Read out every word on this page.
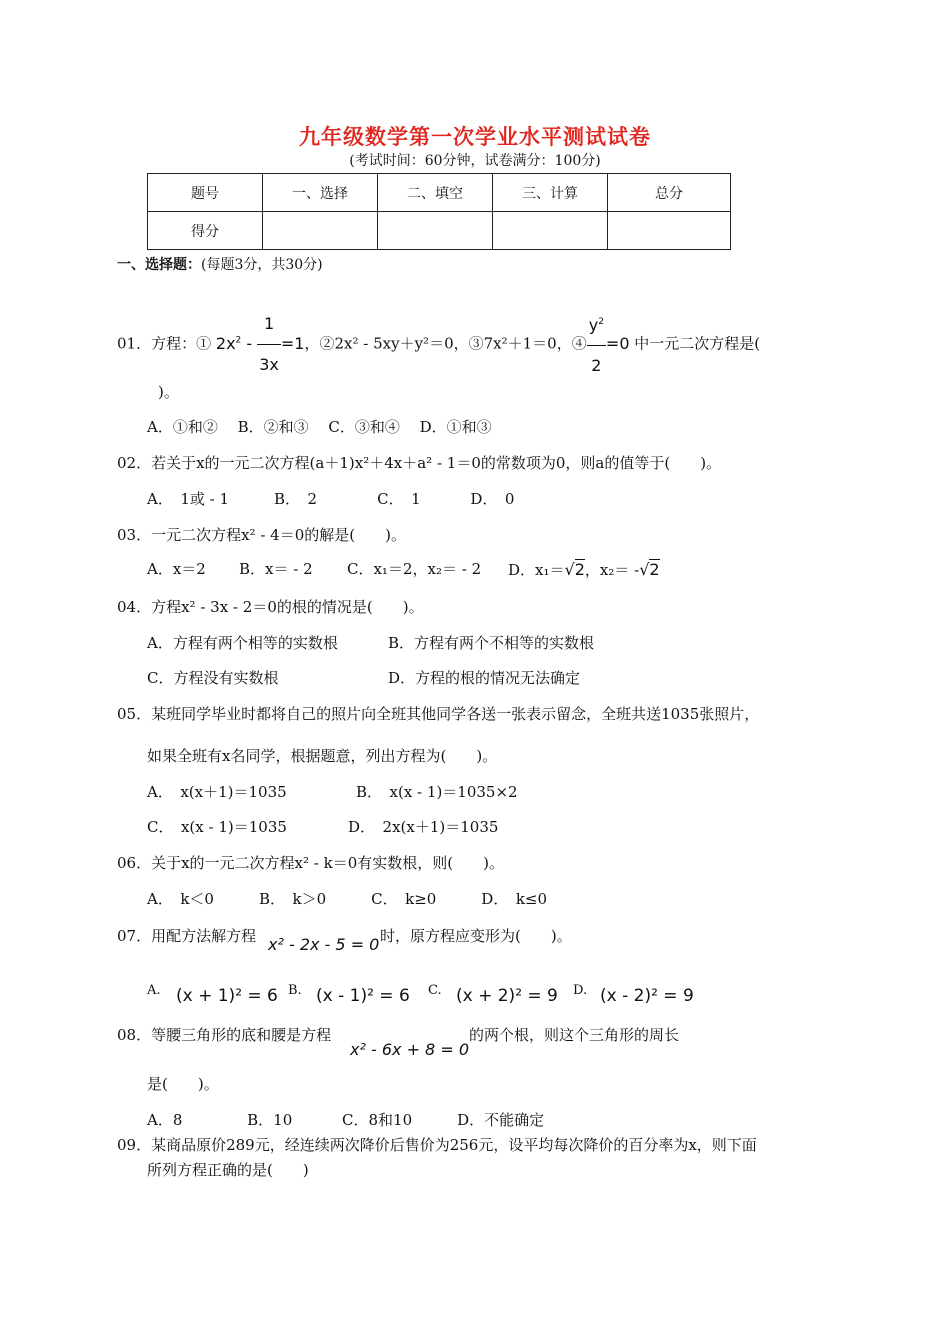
九年级数学第一次学业水平测试试卷
(考试时间：60分钟，试卷满分：100分)
题号	一、选择	二、填空	三、计算	总分
得分				
一、选择题：(每题3分，共30分)
01．方程：① $2x^2 - \frac{1}{3x} =1$，②2x² - 5xy＋y²＝0，③7x²＋1＝0，④ $\frac{y^2}{2} =0$ 中一元二次方程是(
)。
A．①和②　 B．②和③　 C．③和④　 D．①和③
02．若关于x的一元二次方程(a＋1)x²＋4x＋a² - 1＝0的常数项为0，则a的值等于(　　)。
A．　1或 - 1　　　B．　2　　　　C．　1　　　 D．　0
03．一元二次方程x² - 4＝0的解是(　　)。
A．x＝2 B．x＝ - 2 C．x₁＝2，x₂＝ - 2 D．x₁＝√2，x₂＝ -√2
04．方程x² - 3x - 2＝0的根的情况是(　　)。
A．方程有两个相等的实数根	B．方程有两个不相等的实数根
C．方程没有实数根	D．方程的根的情况无法确定
05．某班同学毕业时都将自己的照片向全班其他同学各送一张表示留念，全班共送1035张照片，
如果全班有x名同学，根据题意，列出方程为(　　)。
A．　x(x＋1)＝1035	B．　x(x - 1)＝1035×2
C．　x(x - 1)＝1035	D．　2x(x＋1)＝1035
06．关于x的一元二次方程x² - k＝0有实数根，则(　　)。
A．　k＜0　　　B．　k＞0　　　C．　k≥0　　　D．　k≤0
07．用配方法解方程 x² - 2x - 5 = 0 时，原方程应变形为(　　)。
A. (x + 1)² = 6 B. (x - 1)² = 6 C. (x + 2)² = 9 D. (x - 2)² = 9
08．等腰三角形的底和腰是方程
x² - 6x + 8 = 0
的两个根，则这个三角形的周长
是(　　)。
A．8　　　　 B．10　　　 C．8和10　　　D．不能确定
09．某商品原价289元，经连续两次降价后售价为256元，设平均每次降价的百分率为x，则下面
所列方程正确的是(　　)
